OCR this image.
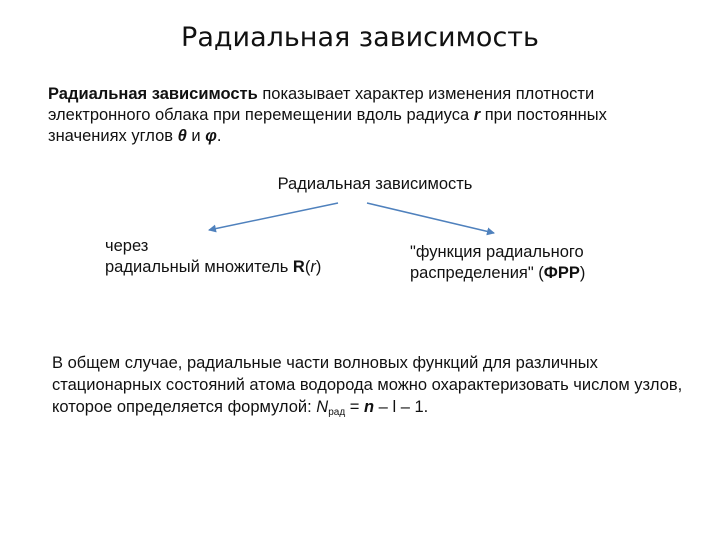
Радиальная зависимость
Радиальная зависимость показывает характер изменения плотности электронного облака при перемещении вдоль радиуса r при постоянных значениях углов θ и φ.
Радиальная зависимость
через
радиальный множитель R(r)
"функция радиального
распределения" (ФРР)
В общем случае, радиальные части волновых функций для различных стационарных состояний атома водорода можно охарактеризовать числом узлов, которое определяется формулой: $N_{рад} = n - l - 1$.
